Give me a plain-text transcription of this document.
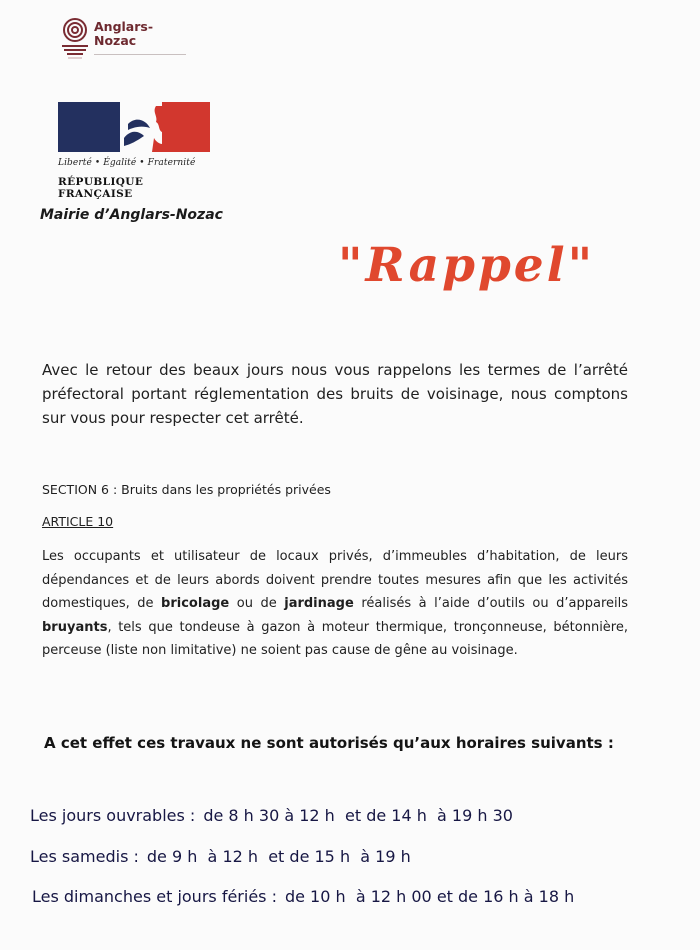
Anglars-
Nozac
Liberté • Égalité • Fraternité
RÉPUBLIQUE FRANÇAISE
Mairie d’Anglars-Nozac
"Rappel"
Avec le retour des beaux jours nous vous rappelons les termes de l’arrêté préfectoral portant réglementation des bruits de voisinage, nous comptons sur vous pour respecter cet arrêté.
SECTION 6 : Bruits dans les propriétés privées
ARTICLE 10
Les occupants et utilisateur de locaux privés, d’immeubles d’habitation, de leurs dépendances et de leurs abords doivent prendre toutes mesures afin que les activités domestiques, de bricolage ou de jardinage réalisés à l’aide d’outils ou d’appareils bruyants, tels que tondeuse à gazon à moteur thermique, tronçonneuse, bétonnière, perceuse (liste non limitative) ne soient pas cause de gêne au voisinage.
A cet effet ces travaux ne sont autorisés qu’aux horaires suivants :
Les jours ouvrables : de 8 h 30 à 12 h  et de 14 h  à 19 h 30
Les samedis : de 9 h  à 12 h  et de 15 h  à 19 h
Les dimanches et jours fériés : de 10 h  à 12 h 00 et de 16 h à 18 h
